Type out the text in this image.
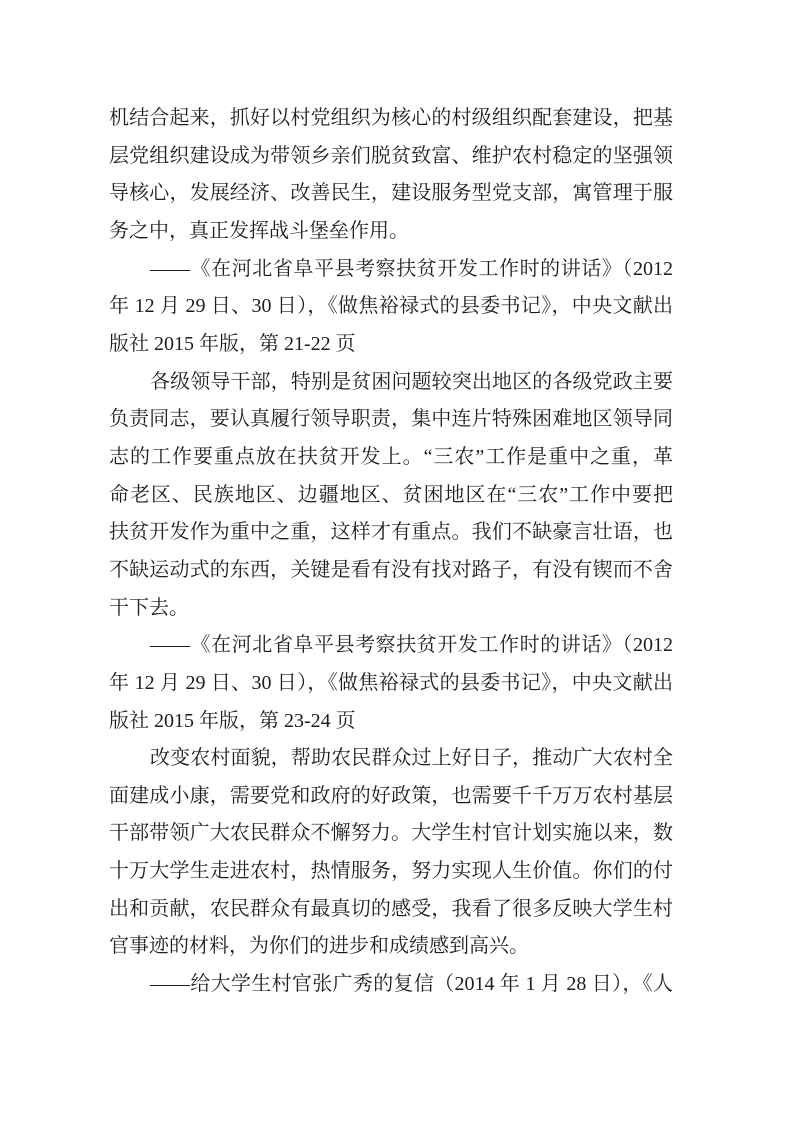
机结合起来，抓好以村党组织为核心的村级组织配套建设，把基
层党组织建设成为带领乡亲们脱贫致富、维护农村稳定的坚强领
导核心，发展经济、改善民生，建设服务型党支部，寓管理于服
务之中，真正发挥战斗堡垒作用。
——《在河北省阜平县考察扶贫开发工作时的讲话》（2012
年 12 月 29 日、30 日），《做焦裕禄式的县委书记》，中央文献出
版社 2015 年版，第 21-22 页
各级领导干部，特别是贫困问题较突出地区的各级党政主要
负责同志，要认真履行领导职责，集中连片特殊困难地区领导同
志的工作要重点放在扶贫开发上。“三农”工作是重中之重，革
命老区、民族地区、边疆地区、贫困地区在“三农”工作中要把
扶贫开发作为重中之重，这样才有重点。我们不缺豪言壮语，也
不缺运动式的东西，关键是看有没有找对路子，有没有锲而不舍
干下去。
——《在河北省阜平县考察扶贫开发工作时的讲话》（2012
年 12 月 29 日、30 日），《做焦裕禄式的县委书记》，中央文献出
版社 2015 年版，第 23-24 页
改变农村面貌，帮助农民群众过上好日子，推动广大农村全
面建成小康，需要党和政府的好政策，也需要千千万万农村基层
干部带领广大农民群众不懈努力。大学生村官计划实施以来，数
十万大学生走进农村，热情服务，努力实现人生价值。你们的付
出和贡献，农民群众有最真切的感受，我看了很多反映大学生村
官事迹的材料，为你们的进步和成绩感到高兴。
——给大学生村官张广秀的复信（2014 年 1 月 28 日），《人
